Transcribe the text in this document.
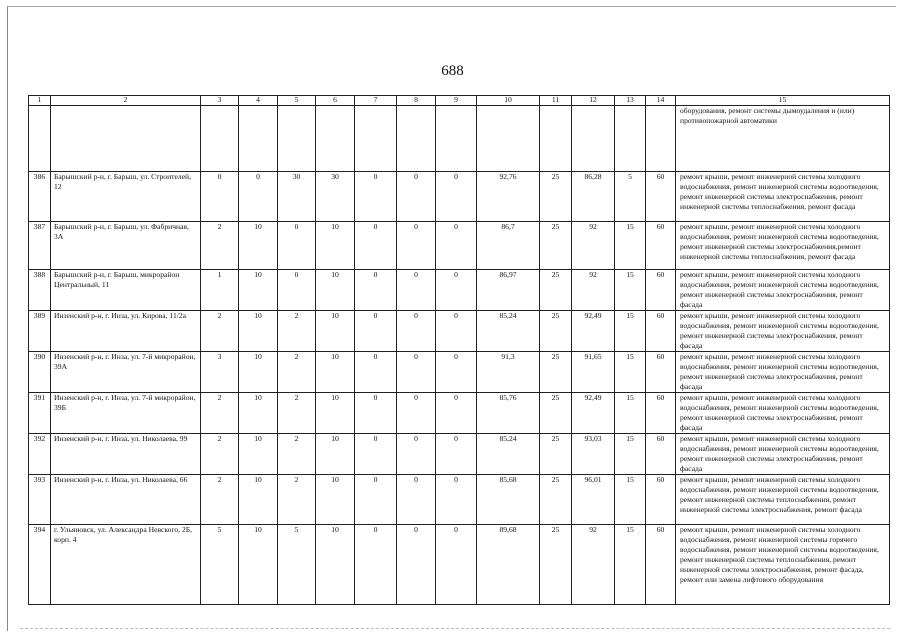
688
1	2	3	4	5	6	7	8	9	10	11	12	13	14	15
														оборудования, ремонт системы дымоудаления и (или) противопожарной автоматики
386	Барышский р-н, г. Барыш, ул. Строителей, 12	0	0	30	30	0	0	0	92,76	25	86,28	5	60	ремонт крыши, ремонт инженерной системы холодного водоснабжения, ремонт инженерной системы водоотведения, ремонт инженерной системы электроснабжения, ремонт инженерной системы теплоснабжения, ремонт фасада
387	Барышский р-н, г. Барыш, ул. Фабричная, 3А	2	10	0	10	0	0	0	86,7	25	92	15	60	ремонт крыши, ремонт инженерной системы холодного водоснабжения, ремонт инженерной системы водоотведения, ремонт инженерной системы электроснабжения,ремонт инженерной системы теплоснабжения, ремонт фасада
388	Барышский р-н, г. Барыш, микрорайон Центральный, 11	1	10	0	10	0	0	0	86,97	25	92	15	60	ремонт крыши, ремонт инженерной системы холодного водоснабжения, ремонт инженерной системы водоотведения, ремонт инженерной системы электроснабжения, ремонт фасада
389	Инзенский р-н, г. Инза, ул. Кирова, 11/2а	2	10	2	10	0	0	0	85,24	25	92,49	15	60	ремонт крыши, ремонт инженерной системы холодного водоснабжения, ремонт инженерной системы водоотведения, ремонт инженерной системы электроснабжения, ремонт фасада
390	Инзенский р-н, г. Инза, ул. 7-й микрорайон, 39А	3	10	2	10	0	0	0	91,3	25	91,65	15	60	ремонт крыши, ремонт инженерной системы холодного водоснабжения, ремонт инженерной системы водоотведения, ремонт инженерной системы электроснабжения, ремонт фасада
391	Инзенский р-н, г. Инза, ул. 7-й микрорайон, 39Б	2	10	2	10	0	0	0	85,76	25	92,49	15	60	ремонт крыши, ремонт инженерной системы холодного водоснабжения, ремонт инженерной системы водоотведения, ремонт инженерной системы электроснабжения, ремонт фасада
392	Инзенский р-н, г. Инза, ул. Николаева, 99	2	10	2	10	0	0	0	85,24	25	93,03	15	60	ремонт крыши, ремонт инженерной системы холодного водоснабжения, ремонт инженерной системы водоотведения, ремонт инженерной системы электроснабжения, ремонт фасада
393	Инзенский р-н, г. Инза, ул. Николаева, 66	2	10	2	10	0	0	0	85,68	25	96,01	15	60	ремонт крыши, ремонт инженерной системы холодного водоснабжения, ремонт инженерной системы водоотведения, ремонт инженерной системы теплоснабжения, ремонт инженерной системы электроснабжения, ремонт фасада
394	г. Ульяновск, ул. Александра Невского, 2Б, корп. 4	5	10	5	10	0	0	0	89,68	25	92	15	60	ремонт крыши, ремонт инженерной системы холодного водоснабжения, ремонт инженерной системы горячего водоснабжения, ремонт инженерной системы водоотведения, ремонт инженерной системы теплоснабжения, ремонт инженерной системы электроснабжения, ремонт фасада, ремонт или замена лифтового оборудования
